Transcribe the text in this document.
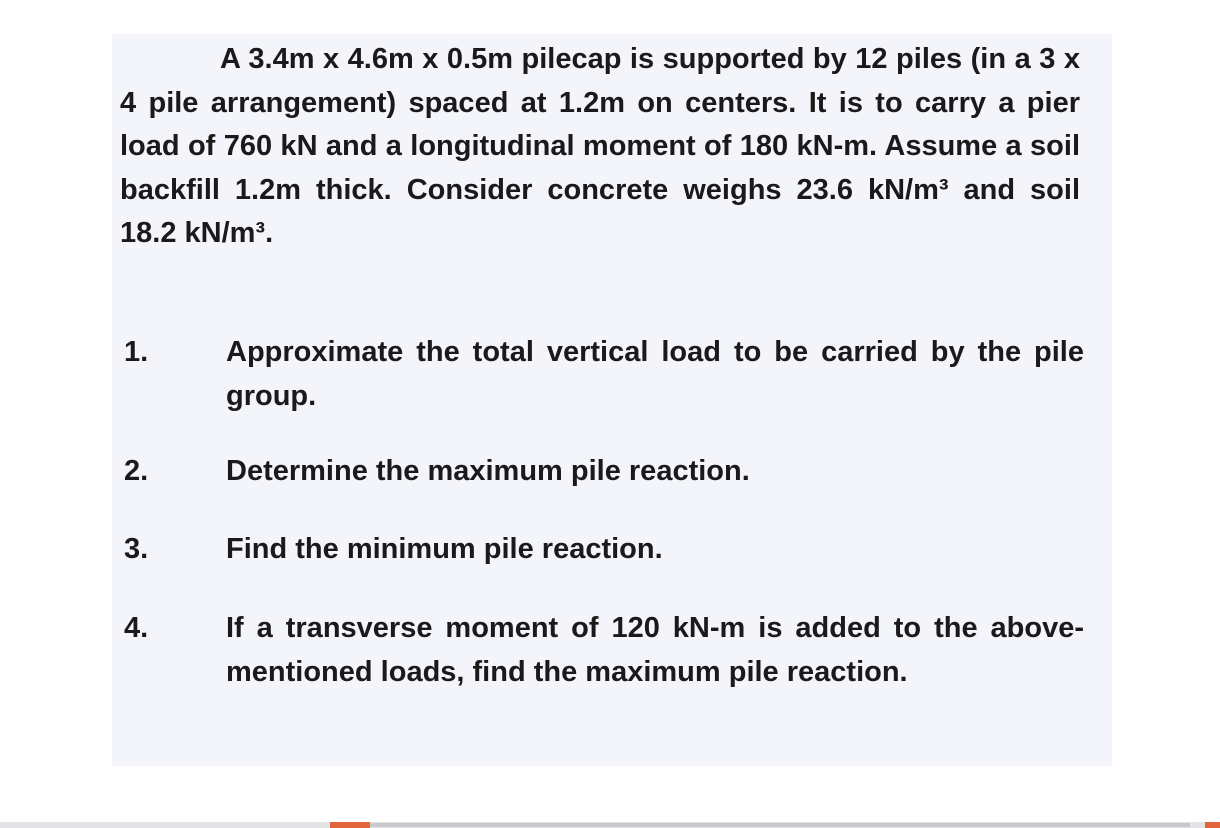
A 3.4m x 4.6m x 0.5m pilecap is supported by 12 piles (in a 3 x 4 pile arrangement) spaced at 1.2m on centers. It is to carry a pier load of 760 kN and a longitudinal moment of 180 kN-m. Assume a soil backfill 1.2m thick. Consider concrete weighs 23.6 kN/m³ and soil 18.2 kN/m³.

1.	Approximate the total vertical load to be carried by the pile group.
2.	Determine the maximum pile reaction.
3.	Find the minimum pile reaction.
4.	If a transverse moment of 120 kN-m is added to the above-mentioned loads, find the maximum pile reaction.
